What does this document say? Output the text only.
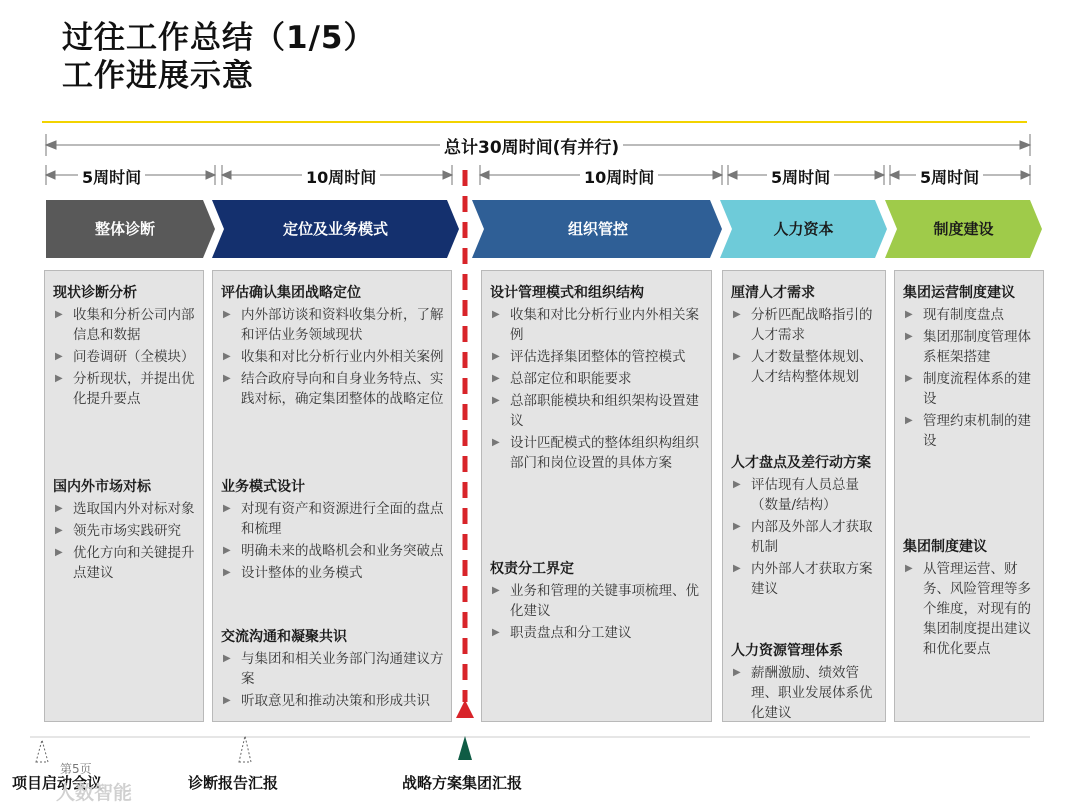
过往工作总结（1/5）
工作进展示意
总计30周时间(有并行)
5周时间	10周时间	10周时间	5周时间	5周时间
整体诊断	定位及业务模式	组织管控	人力资本	制度建设
现状诊断分析
▶ 收集和分析公司内部信息和数据
▶ 问卷调研（全模块）
▶ 分析现状，并提出优化提升要点
国内外市场对标
▶ 选取国内外对标对象
▶ 领先市场实践研究
▶ 优化方向和关键提升点建议
评估确认集团战略定位
▶ 内外部访谈和资料收集分析，了解和评估业务领域现状
▶ 收集和对比分析行业内外相关案例
▶ 结合政府导向和自身业务特点、实践对标，确定集团整体的战略定位
业务模式设计
▶ 对现有资产和资源进行全面的盘点和梳理
▶ 明确未来的战略机会和业务突破点
▶ 设计整体的业务模式
交流沟通和凝聚共识
▶ 与集团和相关业务部门沟通建议方案
▶ 听取意见和推动决策和形成共识
设计管理模式和组织结构
▶ 收集和对比分析行业内外相关案例
▶ 评估选择集团整体的管控模式
▶ 总部定位和职能要求
▶ 总部职能模块和组织架构设置建议
▶ 设计匹配模式的整体组织构组织部门和岗位设置的具体方案
权责分工界定
▶ 业务和管理的关键事项梳理、优化建议
▶ 职责盘点和分工建议
厘清人才需求
▶ 分析匹配战略指引的人才需求
▶ 人才数量整体规划、人才结构整体规划
人才盘点及差行动方案
▶ 评估现有人员总量（数量/结构）
▶ 内部及外部人才获取机制
▶ 内外部人才获取方案建议
人力资源管理体系
▶ 薪酬激励、绩效管理、职业发展体系优化建议
集团运营制度建议
▶ 现有制度盘点
▶ 集团那制度管理体系框架搭建
▶ 制度流程体系的建设
▶ 管理约束机制的建设
集团制度建议
▶ 从管理运营、财务、风险管理等多个维度，对现有的集团制度提出建议和优化要点
项目启动会议	诊断报告汇报	战略方案集团汇报
第5页
人数智能
